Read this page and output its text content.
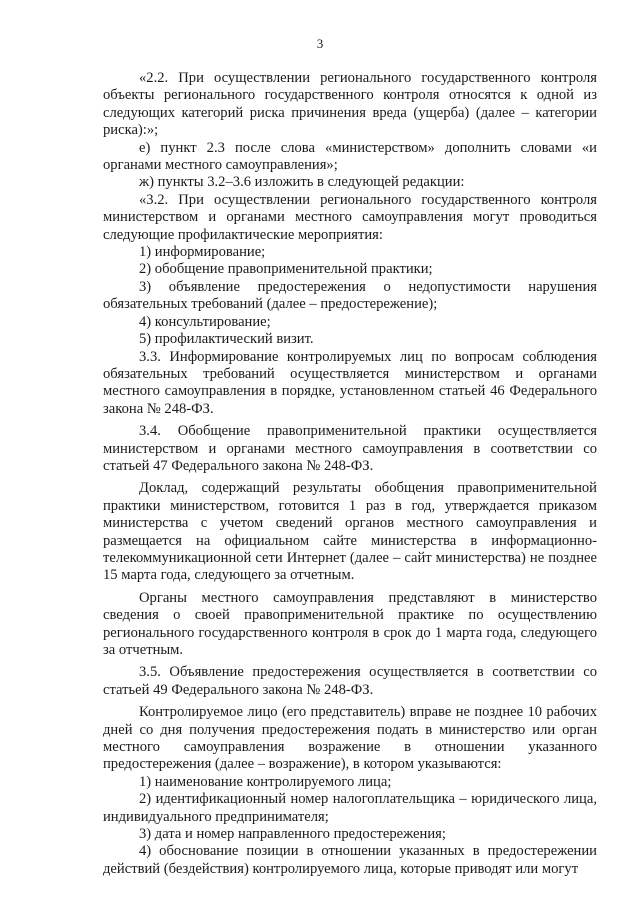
3

«2.2. При осуществлении регионального государственного контроля объекты регионального государственного контроля относятся к одной из следующих категорий риска причинения вреда (ущерба) (далее – категории риска):»;

е) пункт 2.3 после слова «министерством» дополнить словами «и органами местного самоуправления»;

ж) пункты 3.2–3.6 изложить в следующей редакции:

«3.2. При осуществлении регионального государственного контроля министерством и органами местного самоуправления могут проводиться следующие профилактические мероприятия:

1) информирование;

2) обобщение правоприменительной практики;

3) объявление предостережения о недопустимости нарушения обязательных требований (далее – предостережение);

4) консультирование;

5) профилактический визит.

3.3. Информирование контролируемых лиц по вопросам соблюдения обязательных требований осуществляется министерством и органами местного самоуправления в порядке, установленном статьей 46 Федерального закона № 248-ФЗ.

3.4. Обобщение правоприменительной практики осуществляется министерством и органами местного самоуправления в соответствии со статьей 47 Федерального закона № 248-ФЗ.

Доклад, содержащий результаты обобщения правоприменительной практики министерством, готовится 1 раз в год, утверждается приказом министерства с учетом сведений органов местного самоуправления и размещается на официальном сайте министерства в информационно-телекоммуникационной сети Интернет (далее – сайт министерства) не позднее 15 марта года, следующего за отчетным.

Органы местного самоуправления представляют в министерство сведения о своей правоприменительной практике по осуществлению регионального государственного контроля в срок до 1 марта года, следующего за отчетным.

3.5. Объявление предостережения осуществляется в соответствии со статьей 49 Федерального закона № 248-ФЗ.

Контролируемое лицо (его представитель) вправе не позднее 10 рабочих дней со дня получения предостережения подать в министерство или орган местного самоуправления возражение в отношении указанного предостережения (далее – возражение), в котором указываются:

1) наименование контролируемого лица;

2) идентификационный номер налогоплательщика – юридического лица, индивидуального предпринимателя;

3) дата и номер направленного предостережения;

4) обоснование позиции в отношении указанных в предостережении действий (бездействия) контролируемого лица, которые приводят или могут
